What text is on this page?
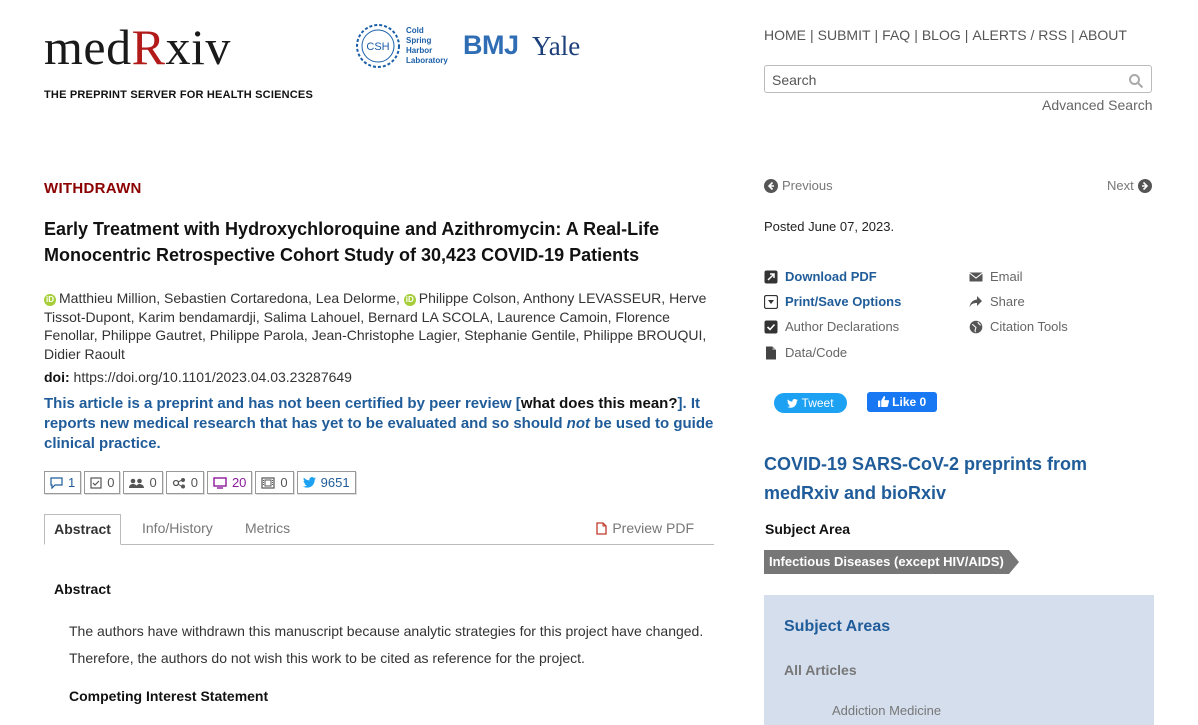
medRxiv
THE PREPRINT SERVER FOR HEALTH SCIENCES
CSH
Cold
Spring
Harbor
Laboratory
BMJ Yale	HOME | SUBMIT | FAQ | BLOG | ALERTS / RSS | ABOUT
Search
Advanced Search
WITHDRAWN
Early Treatment with Hydroxychloroquine and Azithromycin: A Real-Life Monocentric Retrospective Cohort Study of 30,423 COVID-19 Patients
iD Matthieu Million, Sebastien Cortaredona, Lea Delorme, iD Philippe Colson, Anthony LEVASSEUR, Herve Tissot-Dupont, Karim bendamardji, Salima Lahouel, Bernard LA SCOLA, Laurence Camoin, Florence Fenollar, Philippe Gautret, Philippe Parola, Jean-Christophe Lagier, Stephanie Gentile, Philippe BROUQUI, Didier Raoult
doi: https://doi.org/10.1101/2023.04.03.23287649
This article is a preprint and has not been certified by peer review [what does this mean?]. It reports new medical research that has yet to be evaluated and so should not be used to guide clinical practice.
1 0	0	0	20	0	9651
Abstract	Info/History Metrics	Preview PDF
Abstract
The authors have withdrawn this manuscript because analytic strategies for this project have changed. Therefore, the authors do not wish this work to be cited as reference for the project.
Competing Interest Statement
Previous	Next
Posted June 07, 2023.
Download PDF
Print/Save Options
Author Declarations
Data/Code
Email
Share
Citation Tools
Tweet	Like 0
COVID-19 SARS-CoV-2 preprints from medRxiv and bioRxiv
Subject Area
Infectious Diseases (except HIV/AIDS)
Subject Areas
All Articles
Addiction Medicine
